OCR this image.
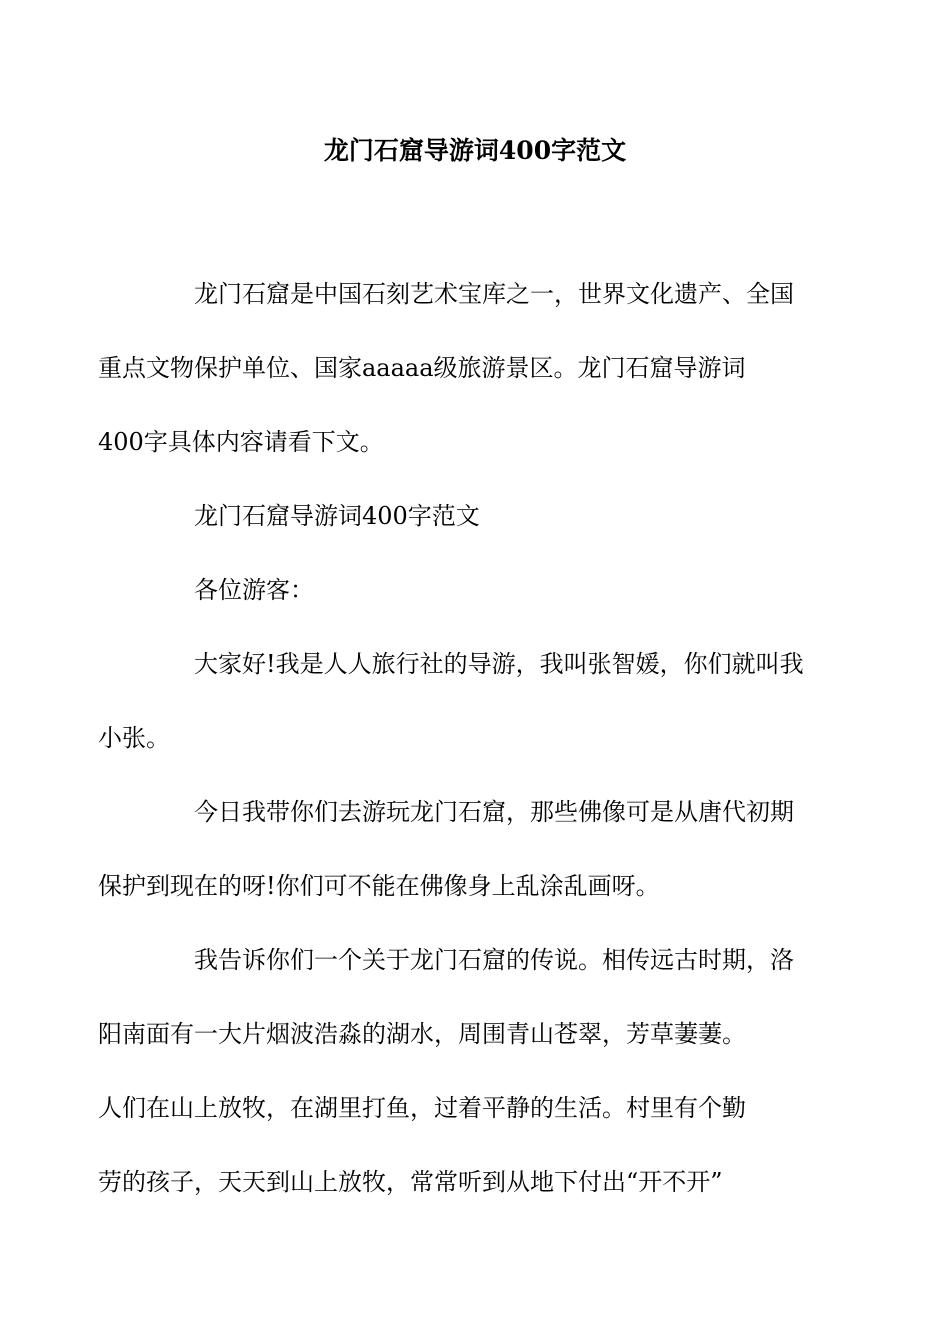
龙门石窟导游词400字范文

龙门石窟是中国石刻艺术宝库之一，世界文化遗产、全国
重点文物保护单位、国家aaaaa级旅游景区。龙门石窟导游词
400字具体内容请看下文。

龙门石窟导游词400字范文

各位游客：

大家好!我是人人旅行社的导游，我叫张智媛，你们就叫我
小张。

今日我带你们去游玩龙门石窟，那些佛像可是从唐代初期
保护到现在的呀!你们可不能在佛像身上乱涂乱画呀。

我告诉你们一个关于龙门石窟的传说。相传远古时期，洛
阳南面有一大片烟波浩淼的湖水，周围青山苍翠，芳草萋萋。
人们在山上放牧，在湖里打鱼，过着平静的生活。村里有个勤
劳的孩子，天天到山上放牧，常常听到从地下付出“开不开”
